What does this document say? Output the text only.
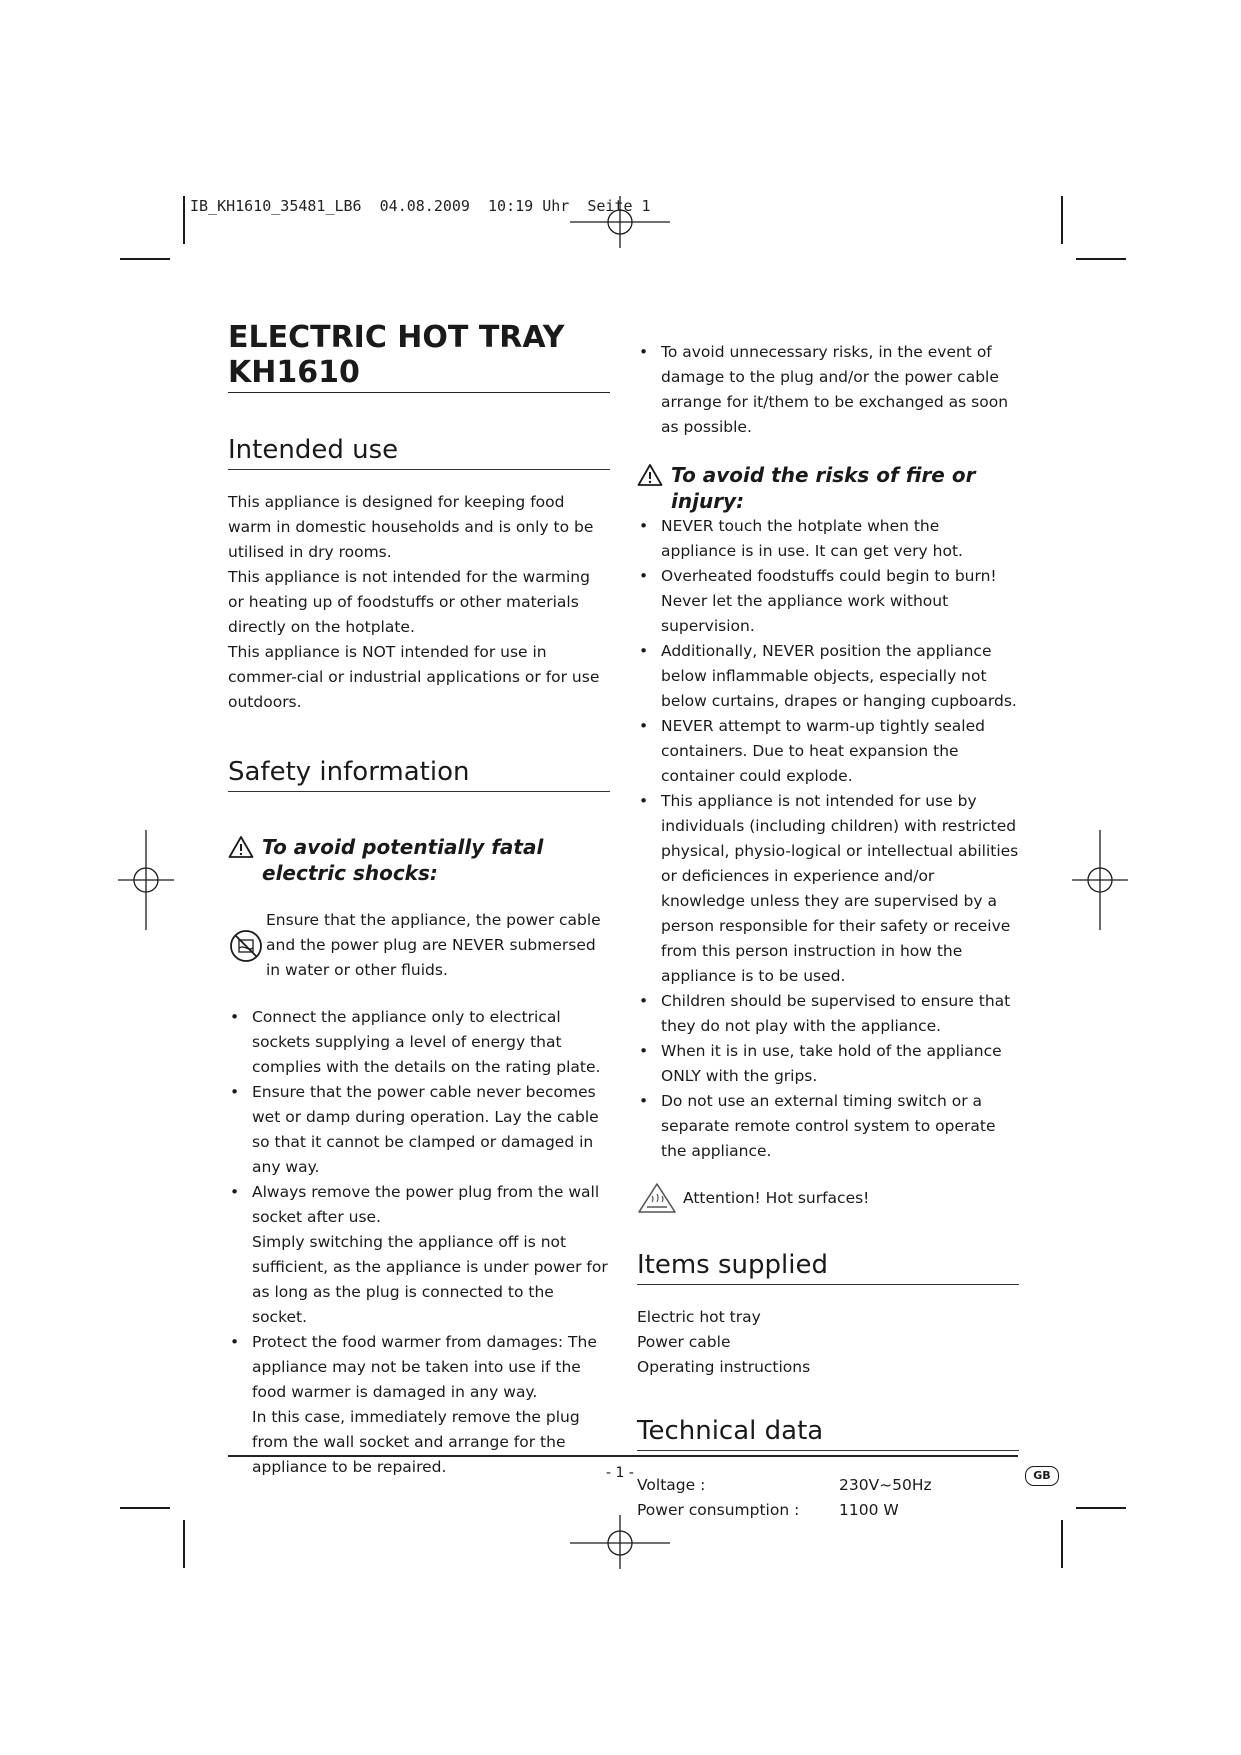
IB_KH1610_35481_LB6  04.08.2009  10:19 Uhr  Seite 1
ELECTRIC HOT TRAY
KH1610
Intended use

This appliance is designed for keeping food warm in domestic households and is only to be utilised in dry rooms.

This appliance is not intended for the warming or heating up of foodstuffs or other materials directly on the hotplate.

This appliance is NOT intended for use in commer-cial or industrial applications or for use outdoors.

Safety information
To avoid potentially fatal electric shocks:
Ensure that the appliance, the power cable and the power plug are NEVER submersed in water or other fluids.
• Connect the appliance only to electrical sockets supplying a level of energy that complies with the details on the rating plate.
• Ensure that the power cable never becomes wet or damp during operation. Lay the cable so that it cannot be clamped or damaged in any way.
• Always remove the power plug from the wall socket after use.
Simply switching the appliance off is not sufficient, as the appliance is under power for as long as the plug is connected to the socket.
• Protect the food warmer from damages: The appliance may not be taken into use if the food warmer is damaged in any way.
In this case, immediately remove the plug from the wall socket and arrange for the appliance to be repaired.
• To avoid unnecessary risks, in the event of damage to the plug and/or the power cable arrange for it/them to be exchanged as soon as possible.
To avoid the risks of fire or injury:
• NEVER touch the hotplate when the appliance is in use. It can get very hot.
• Overheated foodstuffs could begin to burn! Never let the appliance work without supervision.
• Additionally, NEVER position the appliance below inflammable objects, especially not below curtains, drapes or hanging cupboards.
• NEVER attempt to warm-up tightly sealed containers. Due to heat expansion the container could explode.
• This appliance is not intended for use by individuals (including children) with restricted physical, physio-logical or intellectual abilities or deficiences in experience and/or knowledge unless they are supervised by a person responsible for their safety or receive from this person instruction in how the appliance is to be used.
• Children should be supervised to ensure that they do not play with the appliance.
• When it is in use, take hold of the appliance ONLY with the grips.
• Do not use an external timing switch or a separate remote control system to operate the appliance.
Attention! Hot surfaces!
Items supplied
Electric hot tray
Power cable
Operating instructions
Technical data
Voltage :	230V~50Hz
Power consumption :	1100 W
- 1 -	GB
